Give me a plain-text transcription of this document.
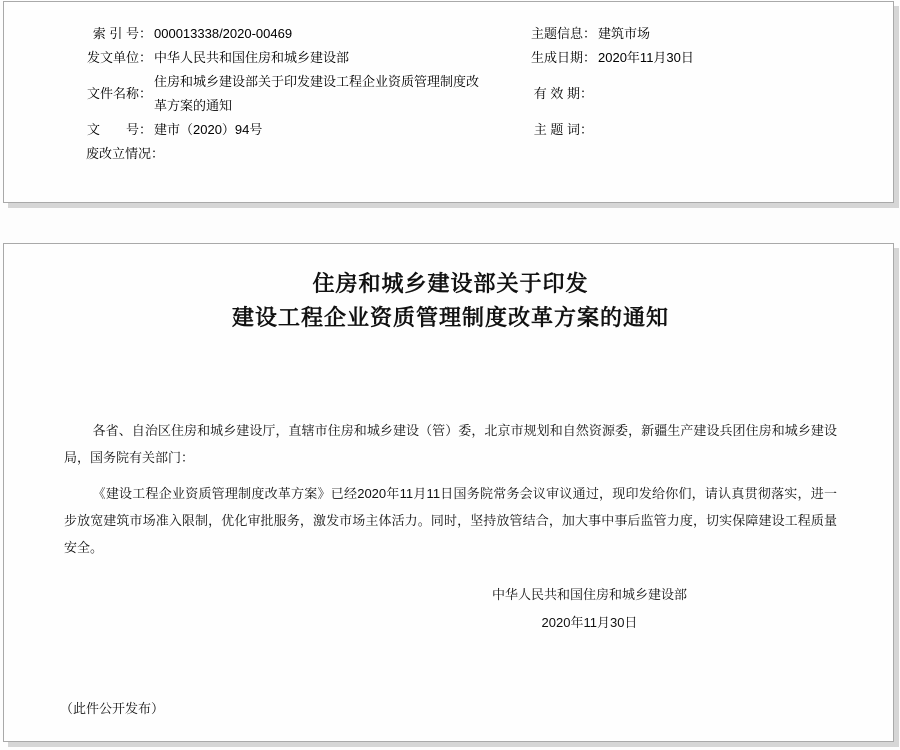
索 引 号： 000013338/2020-00469
发文单位： 中华人民共和国住房和城乡建设部
文件名称：
住房和城乡建设部关于印发建设工程企业资质管理制度改革方案的通知
文　　号： 建市（2020）94号
废改立情况：
主题信息： 建筑市场
生成日期： 2020年11月30日
有 效 期：
主 题 词：
住房和城乡建设部关于印发
建设工程企业资质管理制度改革方案的通知

各省、自治区住房和城乡建设厅，直辖市住房和城乡建设（管）委，北京市规划和自然资源委，新疆生产建设兵团住房和城乡建设局，国务院有关部门：

《建设工程企业资质管理制度改革方案》已经2020年11月11日国务院常务会议审议通过，现印发给你们，请认真贯彻落实，进一步放宽建筑市场准入限制，优化审批服务，激发市场主体活力。同时，坚持放管结合，加大事中事后监管力度，切实保障建设工程质量安全。

中华人民共和国住房和城乡建设部
2020年11月30日
（此件公开发布）
